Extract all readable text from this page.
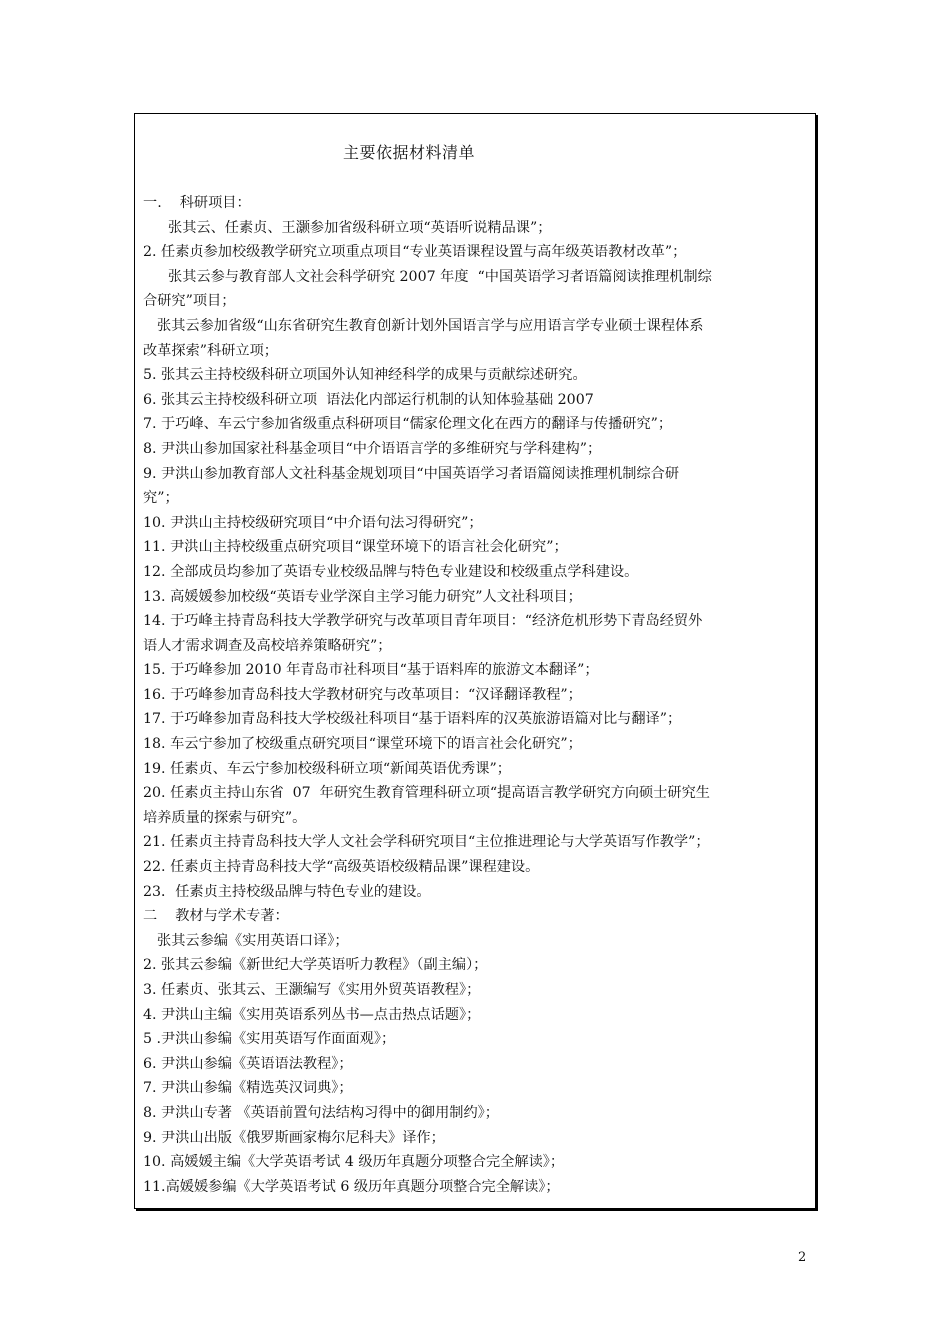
主要依据材料清单
一.    科研项目：
张其云、任素贞、王灏参加省级科研立项“英语听说精品课”；
2. 任素贞参加校级教学研究立项重点项目“专业英语课程设置与高年级英语教材改革”；
张其云参与教育部人文社会科学研究 2007 年度  “中国英语学习者语篇阅读推理机制综
合研究”项目；
张其云参加省级“山东省研究生教育创新计划外国语言学与应用语言学专业硕士课程体系
改革探索”科研立项；
5. 张其云主持校级科研立项国外认知神经科学的成果与贡献综述研究。
6. 张其云主持校级科研立项  语法化内部运行机制的认知体验基础 2007
7. 于巧峰、车云宁参加省级重点科研项目“儒家伦理文化在西方的翻译与传播研究”；
8. 尹洪山参加国家社科基金项目“中介语语言学的多维研究与学科建构”；
9. 尹洪山参加教育部人文社科基金规划项目“中国英语学习者语篇阅读推理机制综合研
究”；
10. 尹洪山主持校级研究项目“中介语句法习得研究”；
11. 尹洪山主持校级重点研究项目“课堂环境下的语言社会化研究”；
12. 全部成员均参加了英语专业校级品牌与特色专业建设和校级重点学科建设。
13. 高媛媛参加校级“英语专业学深自主学习能力研究”人文社科项目；
14. 于巧峰主持青岛科技大学教学研究与改革项目青年项目：“经济危机形势下青岛经贸外
语人才需求调查及高校培养策略研究”；
15. 于巧峰参加 2010 年青岛市社科项目“基于语料库的旅游文本翻译”；
16. 于巧峰参加青岛科技大学教材研究与改革项目：“汉译翻译教程”；
17. 于巧峰参加青岛科技大学校级社科项目“基于语料库的汉英旅游语篇对比与翻译”；
18. 车云宁参加了校级重点研究项目“课堂环境下的语言社会化研究”；
19. 任素贞、车云宁参加校级科研立项“新闻英语优秀课”；
20. 任素贞主持山东省  07  年研究生教育管理科研立项“提高语言教学研究方向硕士研究生
培养质量的探索与研究”。
21. 任素贞主持青岛科技大学人文社会学科研究项目“主位推进理论与大学英语写作教学”；
22. 任素贞主持青岛科技大学“高级英语校级精品课”课程建设。
23．任素贞主持校级品牌与特色专业的建设。
二    教材与学术专著：
张其云参编《实用英语口译》；
2. 张其云参编《新世纪大学英语听力教程》（副主编）；
3. 任素贞、张其云、王灏编写《实用外贸英语教程》；
4. 尹洪山主编《实用英语系列丛书—点击热点话题》；
5 .尹洪山参编《实用英语写作面面观》；
6. 尹洪山参编《英语语法教程》；
7. 尹洪山参编《精选英汉词典》；
8. 尹洪山专著 《英语前置句法结构习得中的御用制约》；
9. 尹洪山出版《俄罗斯画家梅尔尼科夫》译作；
10. 高媛媛主编《大学英语考试 4 级历年真题分项整合完全解读》；
11.高媛媛参编《大学英语考试 6 级历年真题分项整合完全解读》；
2
